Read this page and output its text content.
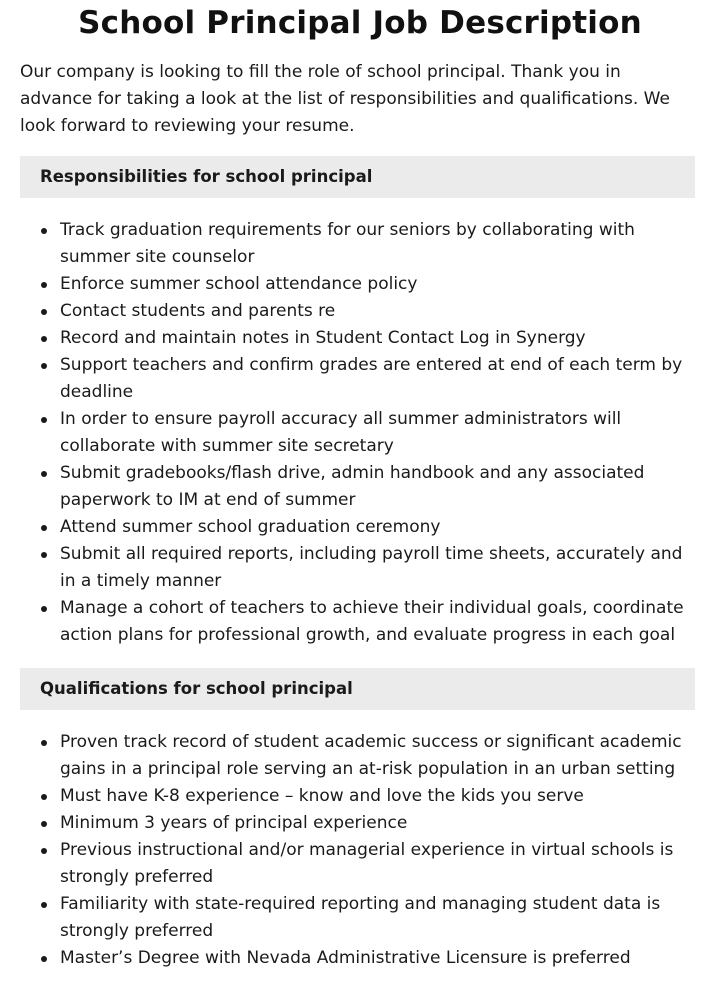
School Principal Job Description

Our company is looking to fill the role of school principal. Thank you in advance for taking a look at the list of responsibilities and qualifications. We look forward to reviewing your resume.

Responsibilities for school principal
Track graduation requirements for our seniors by collaborating with summer site counselor
Enforce summer school attendance policy
Contact students and parents re
Record and maintain notes in Student Contact Log in Synergy
Support teachers and confirm grades are entered at end of each term by deadline
In order to ensure payroll accuracy all summer administrators will collaborate with summer site secretary
Submit gradebooks/flash drive, admin handbook and any associated paperwork to IM at end of summer
Attend summer school graduation ceremony
Submit all required reports, including payroll time sheets, accurately and in a timely manner
Manage a cohort of teachers to achieve their individual goals, coordinate action plans for professional growth, and evaluate progress in each goal
Qualifications for school principal
Proven track record of student academic success or significant academic gains in a principal role serving an at-risk population in an urban setting
Must have K-8 experience – know and love the kids you serve
Minimum 3 years of principal experience
Previous instructional and/or managerial experience in virtual schools is strongly preferred
Familiarity with state-required reporting and managing student data is strongly preferred
Master’s Degree with Nevada Administrative Licensure is preferred
